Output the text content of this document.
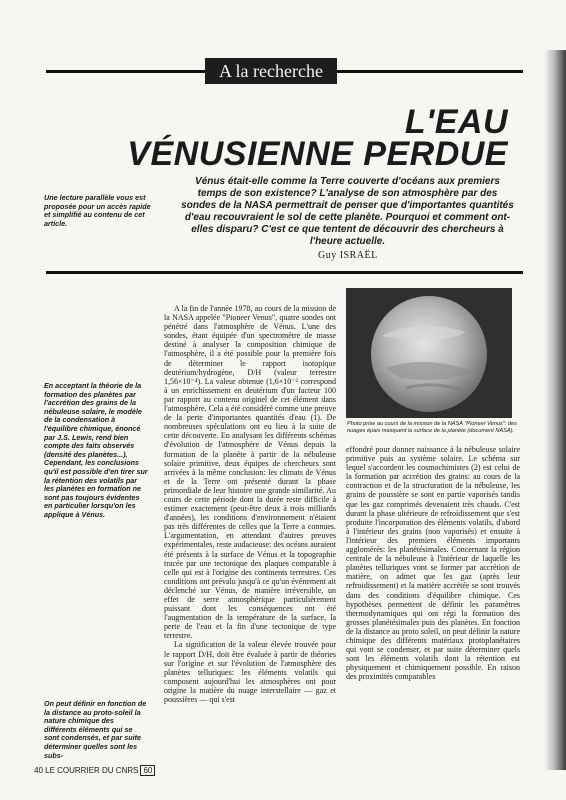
A la recherche
L'EAU
VÉNUSIENNE PERDUE
Une lecture parallèle vous est proposée pour un accès rapide et simplifié au contenu de cet article.
Vénus était-elle comme la Terre couverte d'océans aux premiers temps de son existence? L'analyse de son atmosphère par des sondes de la NASA permettrait de penser que d'importantes quantités d'eau recouvraient le sol de cette planète. Pourquoi et comment ont-elles disparu? C'est ce que tentent de découvrir des chercheurs à l'heure actuelle.
Guy ISRAËL
En acceptant la théorie de la formation des planètes par l'accrétion des grains de la nébuleuse solaire, le modèle de la condensation à l'équilibre chimique, énoncé par J.S. Lewis, rend bien compte des faits observés (densité des planètes...). Cependant, les conclusions qu'il est possible d'en tirer sur la rétention des volatils par les planètes en formation ne sont pas toujours évidentes en particulier lorsqu'on les applique à Vénus.
On peut définir en fonction de la distance au proto-soleil la nature chimique des différents éléments qui se sont condensés, et par suite déterminer quelles sont les subs-

A la fin de l'année 1978, au cours de la mission de la NASA appelée "Pioneer Venus", quatre sondes ont pénétré dans l'atmosphère de Vénus. L'une des sondes, étant équipée d'un spectromètre de masse destiné à analyser la composition chimique de l'atmosphère, il a été possible pour la première fois de déterminer le rapport isotopique deutérium/hydrogène, D/H (valeur terrestre 1,56×10⁻⁴). La valeur obtenue (1,6×10⁻² correspond à un enrichissement en deutérium d'un facteur 100 par rapport au contenu originel de cet élément dans l'atmosphère. Cela a été considéré comme une preuve de la perte d'importantes quantités d'eau (1). De nombreuses spéculations ont eu lieu à la suite de cette découverte. En analysant les différents schémas d'évolution de l'atmosphère de Vénus depuis la formation de la planète à partir de la nébuleuse solaire primitive, deux équipes de chercheurs sont arrivées à la même conclusion: les climats de Vénus et de la Terre ont présenté durant la phase primordiale de leur histoire une grande similarité. Au cours de cette période dont la durée reste difficile à estimer exactement (peut-être deux à trois milliards d'années), les conditions d'environnement n'étaient pas très différentes de celles que la Terre a connues. L'argumentation, en attendant d'autres preuves expérimentales, reste audacieuse: des océans auraient été présents à la surface de Vénus et la topographie tracée par une tectonique des plaques comparable à celle qui est à l'origine des continents terrestres. Ces conditions ont prévalu jusqu'à ce qu'un événement ait déclenché sur Vénus, de manière irréversible, un effet de serre atmosphérique particulièrement puissant dont les conséquences ont été l'augmentation de la température de la surface, la perte de l'eau et la fin d'une tectonique de type terrestre.

La signification de la valeur élevée trouvée pour le rapport D/H, doit être évaluée à partir de théories sur l'origine et sur l'évolution de l'atmosphère des planètes telluriques: les éléments volatils qui composent aujourd'hui les atmosphères ont pour origine la matière du nuage interstellaire — gaz et poussières — qui s'est

Photo prise au cours de la mission de la NASA "Pioneer Venus": des nuages épais masquent la surface de la planète (document NASA).

effondré pour donner naissance à la nébuleuse solaire primitive puis au système solaire. Le schéma sur lequel s'accordent les cosmochimistes (2) est celui de la formation par accrétion des grains: au cours de la contraction et de la structuration de la nébuleuse, les grains de poussière se sont en partie vaporisés tandis que les gaz comprimés devenaient très chauds. C'est durant la phase ultérieure de refroidissement que s'est produite l'incorporation des éléments volatils, d'abord à l'intérieur des grains (non vaporisés) et ensuite à l'intérieur des premiers éléments importants agglomérés: les planétésimales. Concernant la région centrale de la nébuleuse à l'intérieur de laquelle les planètes telluriques vont se former par accrétion de matière, on admet que les gaz (après leur refroidissement) et la matière accrétée se sont trouvés dans des conditions d'équilibre chimique. Ces hypothèses permettent de définir les paramètres thermodynamiques qui ont régi la formation des grosses planétésimales puis des planètes. En fonction de la distance au proto soleil, on peut définir la nature chimique des différents matériaux protoplanétaires qui vont se condenser, et par suite déterminer quels sont les éléments volatils dont la rétention est physiquement et chimiquement possible. En raison des proximités comparables

40 LE COURRIER DU CNRS 60
